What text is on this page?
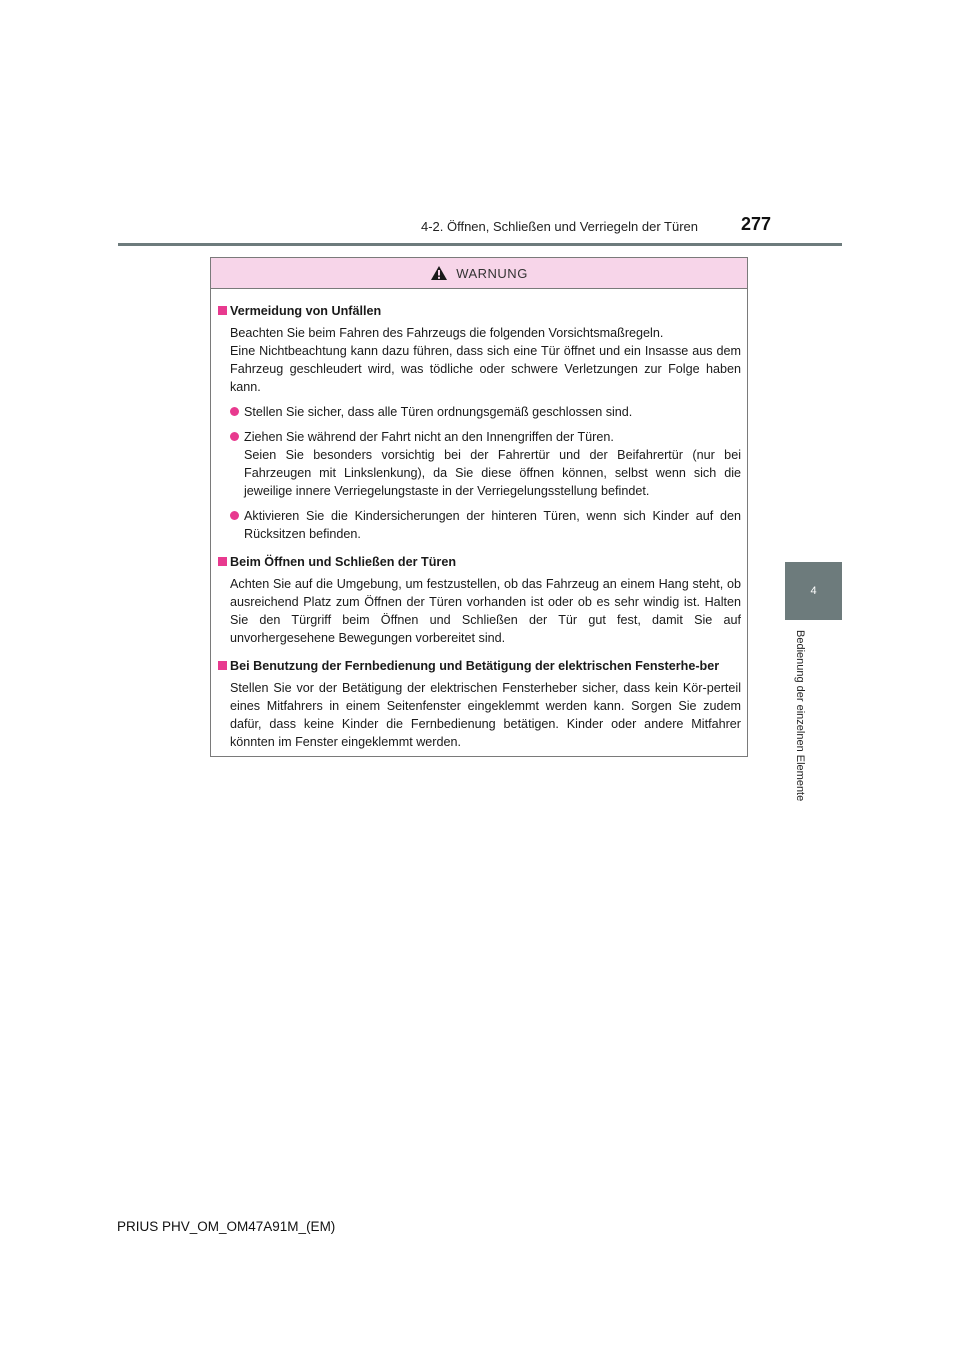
4-2. Öffnen, Schließen und Verriegeln der Türen 277
4
Bedienung der einzelnen Elemente
WARNUNG
Vermeidung von Unfällen

Beachten Sie beim Fahren des Fahrzeugs die folgenden Vorsichtsmaßregeln.

Eine Nichtbeachtung kann dazu führen, dass sich eine Tür öffnet und ein Insasse aus dem Fahrzeug geschleudert wird, was tödliche oder schwere Verletzungen zur Folge haben kann.

Stellen Sie sicher, dass alle Türen ordnungsgemäß geschlossen sind.

Ziehen Sie während der Fahrt nicht an den Innengriffen der Türen.

Seien Sie besonders vorsichtig bei der Fahrertür und der Beifahrertür (nur bei Fahrzeugen mit Linkslenkung), da Sie diese öffnen können, selbst wenn sich die jeweilige innere Verriegelungstaste in der Verriegelungsstellung befindet.

Aktivieren Sie die Kindersicherungen der hinteren Türen, wenn sich Kinder auf den Rücksitzen befinden.

Beim Öffnen und Schließen der Türen

Achten Sie auf die Umgebung, um festzustellen, ob das Fahrzeug an einem Hang steht, ob ausreichend Platz zum Öffnen der Türen vorhanden ist oder ob es sehr windig ist. Halten Sie den Türgriff beim Öffnen und Schließen der Tür gut fest, damit Sie auf unvorhergesehene Bewegungen vorbereitet sind.

Bei Benutzung der Fernbedienung und Betätigung der elektrischen Fensterhe-ber

Stellen Sie vor der Betätigung der elektrischen Fensterheber sicher, dass kein Kör-perteil eines Mitfahrers in einem Seitenfenster eingeklemmt werden kann. Sorgen Sie zudem dafür, dass keine Kinder die Fernbedienung betätigen. Kinder oder andere Mitfahrer könnten im Fenster eingeklemmt werden.

PRIUS PHV_OM_OM47A91M_(EM)
